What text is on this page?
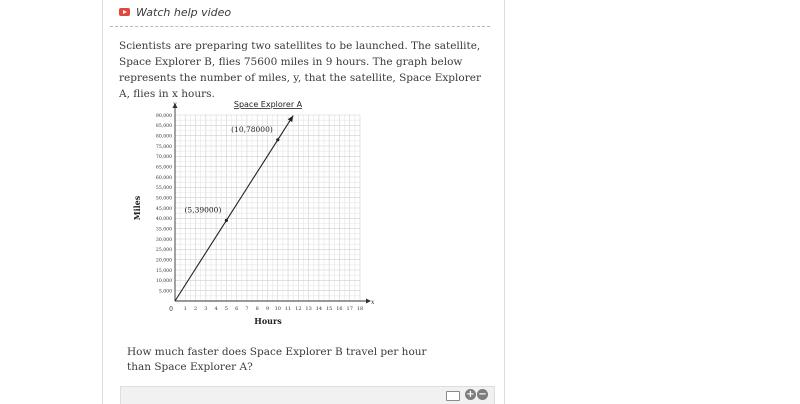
Watch help video

Scientists are preparing two satellites to be launched. The satellite, Space Explorer B, flies 75600 miles in 9 hours. The graph below represents the number of miles, y, that the satellite, Space Explorer A, flies in x hours.

1 2 3 4 5 6 7 8 9 10 11 12 13 14 15 16 17 18
5,000
10,000
15,000
20,000
25,000
30,000
35,000
40,000
45,000
50,000
55,000
60,000
65,000
70,000
75,000
80,000
85,000
90,000
(5,39000)
(10,78000)
Space Explorer A
Hours
Miles
x
y
0

How much faster does Space Explorer B travel per hour than Space Explorer A?

+ −
